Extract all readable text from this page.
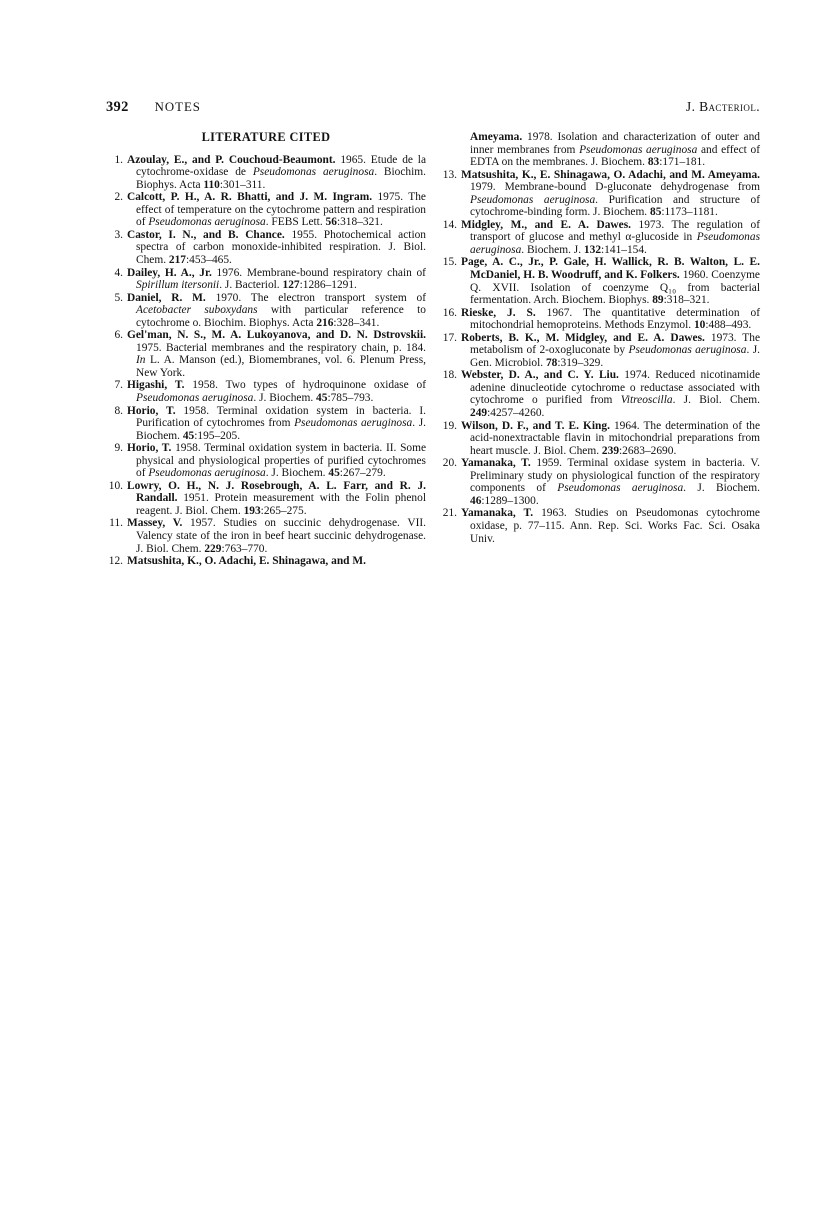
392 NOTES	J. Bacteriol.
LITERATURE CITED
1. Azoulay, E., and P. Couchoud-Beaumont. 1965. Etude de la cytochrome-oxidase de Pseudomonas aeruginosa. Biochim. Biophys. Acta 110:301–311.
2. Calcott, P. H., A. R. Bhatti, and J. M. Ingram. 1975. The effect of temperature on the cytochrome pattern and respiration of Pseudomonas aeruginosa. FEBS Lett. 56:318–321.
3. Castor, I. N., and B. Chance. 1955. Photochemical action spectra of carbon monoxide-inhibited respiration. J. Biol. Chem. 217:453–465.
4. Dailey, H. A., Jr. 1976. Membrane-bound respiratory chain of Spirillum itersonii. J. Bacteriol. 127:1286–1291.
5. Daniel, R. M. 1970. The electron transport system of Acetobacter suboxydans with particular reference to cytochrome o. Biochim. Biophys. Acta 216:328–341.
6. Gel'man, N. S., M. A. Lukoyanova, and D. N. Dstrovskii. 1975. Bacterial membranes and the respiratory chain, p. 184. In L. A. Manson (ed.), Biomembranes, vol. 6. Plenum Press, New York.
7. Higashi, T. 1958. Two types of hydroquinone oxidase of Pseudomonas aeruginosa. J. Biochem. 45:785–793.
8. Horio, T. 1958. Terminal oxidation system in bacteria. I. Purification of cytochromes from Pseudomonas aeruginosa. J. Biochem. 45:195–205.
9. Horio, T. 1958. Terminal oxidation system in bacteria. II. Some physical and physiological properties of purified cytochromes of Pseudomonas aeruginosa. J. Biochem. 45:267–279.
10. Lowry, O. H., N. J. Rosebrough, A. L. Farr, and R. J. Randall. 1951. Protein measurement with the Folin phenol reagent. J. Biol. Chem. 193:265–275.
11. Massey, V. 1957. Studies on succinic dehydrogenase. VII. Valency state of the iron in beef heart succinic dehydrogenase. J. Biol. Chem. 229:763–770.
12. Matsushita, K., O. Adachi, E. Shinagawa, and M.
Ameyama. 1978. Isolation and characterization of outer and inner membranes from Pseudomonas aeruginosa and effect of EDTA on the membranes. J. Biochem. 83:171–181.
13. Matsushita, K., E. Shinagawa, O. Adachi, and M. Ameyama. 1979. Membrane-bound D-gluconate dehydrogenase from Pseudomonas aeruginosa. Purification and structure of cytochrome-binding form. J. Biochem. 85:1173–1181.
14. Midgley, M., and E. A. Dawes. 1973. The regulation of transport of glucose and methyl α-glucoside in Pseudomonas aeruginosa. Biochem. J. 132:141–154.
15. Page, A. C., Jr., P. Gale, H. Wallick, R. B. Walton, L. E. McDaniel, H. B. Woodruff, and K. Folkers. 1960. Coenzyme Q. XVII. Isolation of coenzyme Q₁₀ from bacterial fermentation. Arch. Biochem. Biophys. 89:318–321.
16. Rieske, J. S. 1967. The quantitative determination of mitochondrial hemoproteins. Methods Enzymol. 10:488–493.
17. Roberts, B. K., M. Midgley, and E. A. Dawes. 1973. The metabolism of 2-oxogluconate by Pseudomonas aeruginosa. J. Gen. Microbiol. 78:319–329.
18. Webster, D. A., and C. Y. Liu. 1974. Reduced nicotinamide adenine dinucleotide cytochrome o reductase associated with cytochrome o purified from Vitreoscilla. J. Biol. Chem. 249:4257–4260.
19. Wilson, D. F., and T. E. King. 1964. The determination of the acid-nonextractable flavin in mitochondrial preparations from heart muscle. J. Biol. Chem. 239:2683–2690.
20. Yamanaka, T. 1959. Terminal oxidase system in bacteria. V. Preliminary study on physiological function of the respiratory components of Pseudomonas aeruginosa. J. Biochem. 46:1289–1300.
21. Yamanaka, T. 1963. Studies on Pseudomonas cytochrome oxidase, p. 77–115. Ann. Rep. Sci. Works Fac. Sci. Osaka Univ.
